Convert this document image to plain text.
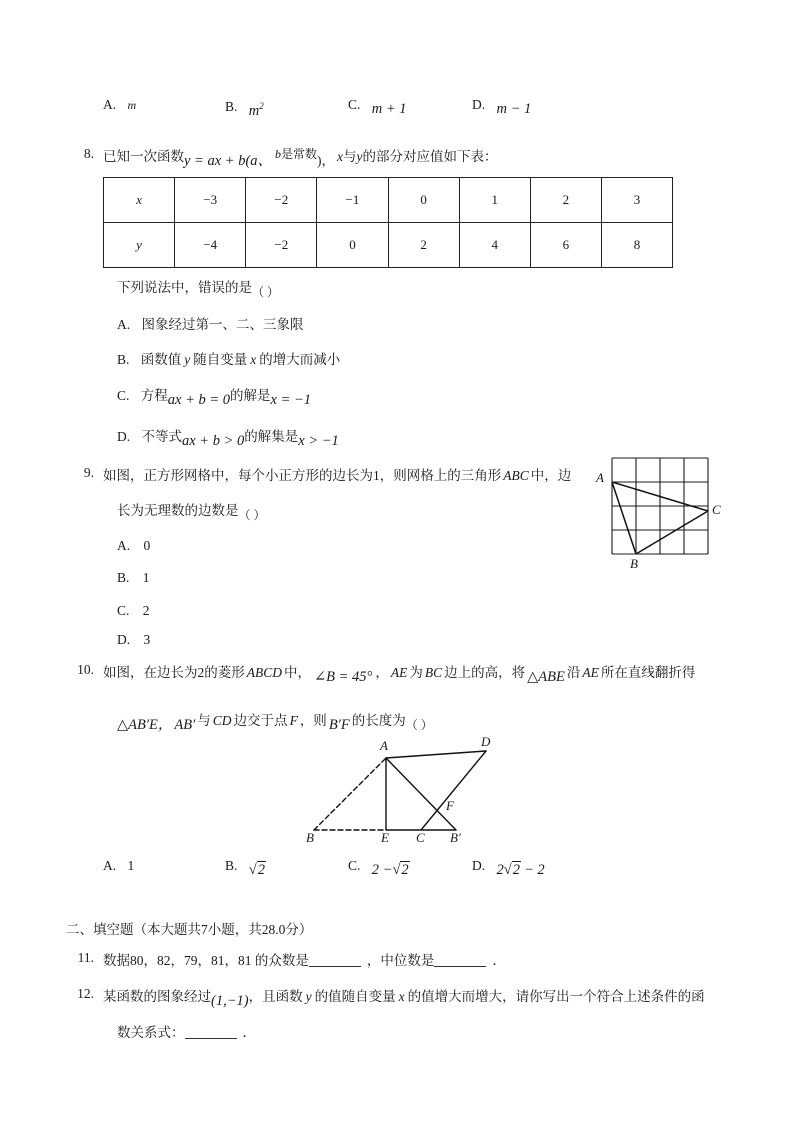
A. m	B. $m^2$	C. m + 1	D. m − 1
8. 已知一次函数y = ax + b(a、 b是常数)， x与y的部分对应值如下表：
x	−3	−2	−1	0	1	2	3
y	−4	−2	0	2	4	6	8
下列说法中，错误的是（ ）
A. 图象经过第一、二、三象限
B. 函数值 y 随自变量 x 的增大而减小
C. 方程ax + b = 0的解是x = −1
D. 不等式ax + b > 0的解集是x > −1
9. 如图，正方形网格中，每个小正方形的边长为1，则网格上的三角形 ABC 中，边
长为无理数的边数是（ ）
A. 0
B. 1
C. 2
D. 3
A
B
C
10. 如图，在边长为2的菱形 ABCD 中， ∠B = 45° ， AE 为 BC 边上的高，将 △ABE 沿 AE 所在直线翻折得
△AB′E， AB′ 与 CD 边交于点 F ，则 B′F 的长度为（ ）
A	D
B	E C B′
F
A. 1	B. √2	C. 2 −√2	D. 2√2 − 2
二、填空题（本大题共7小题，共28.0分）
11. 数据80，82，79，81，81 的众数是	，中位数是	．
12. 某函数的图象经过(1,−1)，且函数 y 的值随自变量 x 的值增大而增大，请你写出一个符合上述条件的函
数关系式：	．
